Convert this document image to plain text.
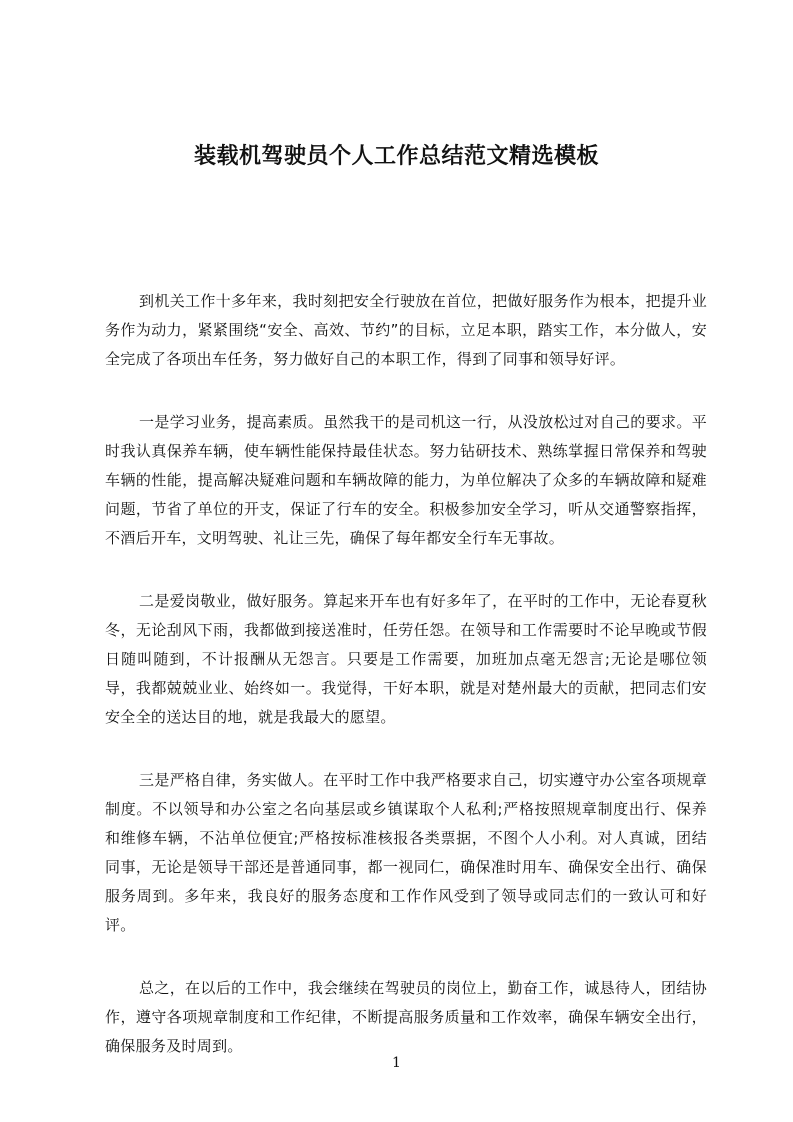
装载机驾驶员个人工作总结范文精选模板

到机关工作十多年来，我时刻把安全行驶放在首位，把做好服务作为根本，把提升业务作为动力，紧紧围绕“安全、高效、节约”的目标，立足本职，踏实工作，本分做人，安全完成了各项出车任务，努力做好自己的本职工作，得到了同事和领导好评。

一是学习业务，提高素质。虽然我干的是司机这一行，从没放松过对自己的要求。平时我认真保养车辆，使车辆性能保持最佳状态。努力钻研技术、熟练掌握日常保养和驾驶车辆的性能，提高解决疑难问题和车辆故障的能力，为单位解决了众多的车辆故障和疑难问题，节省了单位的开支，保证了行车的安全。积极参加安全学习，听从交通警察指挥，不酒后开车，文明驾驶、礼让三先，确保了每年都安全行车无事故。

二是爱岗敬业，做好服务。算起来开车也有好多年了，在平时的工作中，无论春夏秋冬，无论刮风下雨，我都做到接送准时，任劳任怨。在领导和工作需要时不论早晚或节假日随叫随到，不计报酬从无怨言。只要是工作需要，加班加点毫无怨言;无论是哪位领导，我都兢兢业业、始终如一。我觉得，干好本职，就是对楚州最大的贡献，把同志们安安全全的送达目的地，就是我最大的愿望。

三是严格自律，务实做人。在平时工作中我严格要求自己，切实遵守办公室各项规章制度。不以领导和办公室之名向基层或乡镇谋取个人私利;严格按照规章制度出行、保养和维修车辆，不沾单位便宜;严格按标准核报各类票据，不图个人小利。对人真诚，团结同事，无论是领导干部还是普通同事，都一视同仁，确保准时用车、确保安全出行、确保服务周到。多年来，我良好的服务态度和工作作风受到了领导或同志们的一致认可和好评。

总之，在以后的工作中，我会继续在驾驶员的岗位上，勤奋工作，诚恳待人，团结协作，遵守各项规章制度和工作纪律，不断提高服务质量和工作效率，确保车辆安全出行，确保服务及时周到。

1
